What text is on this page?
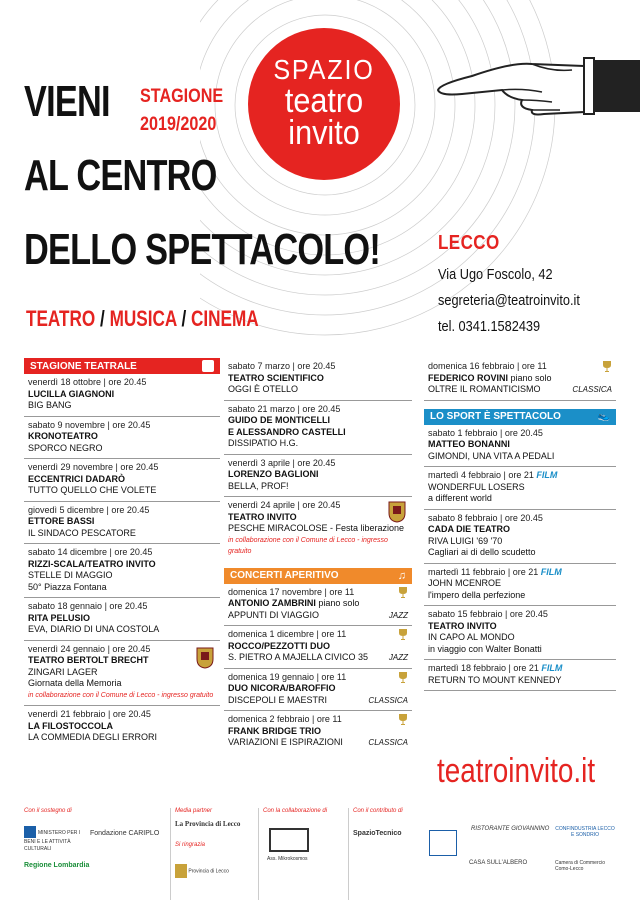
VIENI
AL CENTRO
DELLO SPETTACOLO!
STAGIONE
2019/2020
SPAZIO
teatro
invito
LECCO
Via Ugo Foscolo, 42
segreteria@teatroinvito.it
tel. 0341.1582439
TEATRO / MUSICA / CINEMA
STAGIONE TEATRALE
venerdì 18 ottobre | ore 20.45
LUCILLA GIAGNONI
BIG BANG
sabato 9 novembre | ore 20.45
KRONOTEATRO
SPORCO NEGRO
venerdì 29 novembre | ore 20.45
ECCENTRICI DADARÒ
TUTTO QUELLO CHE VOLETE
giovedì 5 dicembre | ore 20.45
ETTORE BASSI
IL SINDACO PESCATORE
sabato 14 dicembre | ore 20.45
RIZZI-SCALA/TEATRO INVITO
STELLE DI MAGGIO
50° Piazza Fontana
sabato 18 gennaio | ore 20.45
RITA PELUSIO
EVA, DIARIO DI UNA COSTOLA
venerdì 24 gennaio | ore 20.45
TEATRO BERTOLT BRECHT
ZINGARI LAGER
Giornata della Memoria
in collaborazione con il Comune di Lecco - ingresso gratuito
venerdì 21 febbraio | ore 20.45
LA FILOSTOCCOLA
LA COMMEDIA DEGLI ERRORI
sabato 7 marzo | ore 20.45
TEATRO SCIENTIFICO
OGGI È OTELLO
sabato 21 marzo | ore 20.45
GUIDO DE MONTICELLI
E ALESSANDRO CASTELLI
DISSIPATIO H.G.
venerdì 3 aprile | ore 20.45
LORENZO BAGLIONI
BELLA, PROF!
venerdì 24 aprile | ore 20.45
TEATRO INVITO
PESCHE MIRACOLOSE - Festa liberazione
in collaborazione con il Comune di Lecco - ingresso gratuito
CONCERTI APERITIVO	♫
domenica 17 novembre | ore 11
ANTONIO ZAMBRINI piano solo
JAZZ
APPUNTI DI VIAGGIO
domenica 1 dicembre | ore 11
ROCCO/PEZZOTTI DUO
JAZZ
S. PIETRO A MAJELLA CIVICO 35
domenica 19 gennaio | ore 11
DUO NICORA/BAROFFIO
CLASSICA
DISCEPOLI E MAESTRI
domenica 2 febbraio | ore 11
FRANK BRIDGE TRIO
CLASSICA
VARIAZIONI E ISPIRAZIONI
domenica 16 febbraio | ore 11
FEDERICO ROVINI piano solo
CLASSICA
OLTRE IL ROMANTICISMO
LO SPORT È SPETTACOLO	👟
sabato 1 febbraio | ore 20.45
MATTEO BONANNI
GIMONDI, UNA VITA A PEDALI
martedì 4 febbraio | ore 21 FILM
WONDERFUL LOSERS
a different world
sabato 8 febbraio | ore 20.45
CADA DIE TEATRO
RIVA LUIGI '69 '70
Cagliari ai di dello scudetto
martedì 11 febbraio | ore 21 FILM
JOHN MCENROE
l'impero della perfezione
sabato 15 febbraio | ore 20.45
TEATRO INVITO
IN CAPO AL MONDO
in viaggio con Walter Bonatti
martedì 18 febbraio | ore 21 FILM
RETURN TO MOUNT KENNEDY
teatroinvito.it
Con il sostegno di
MINISTERO PER I BENI E LE ATTIVITÀ CULTURALI
Fondazione CARIPLO
Regione Lombardia
Media partner
La Provincia di Lecco
Si ringrazia
Provincia di Lecco
Con la collaborazione di
Ass. Mikrokosmos
Con il contributo di
SpazioTecnico
RISTORANTE GIOVANNINO CONFINDUSTRIA LECCO E SONDRIO
CASA SULL'ALBERO	Camera di Commercio Como-Lecco
